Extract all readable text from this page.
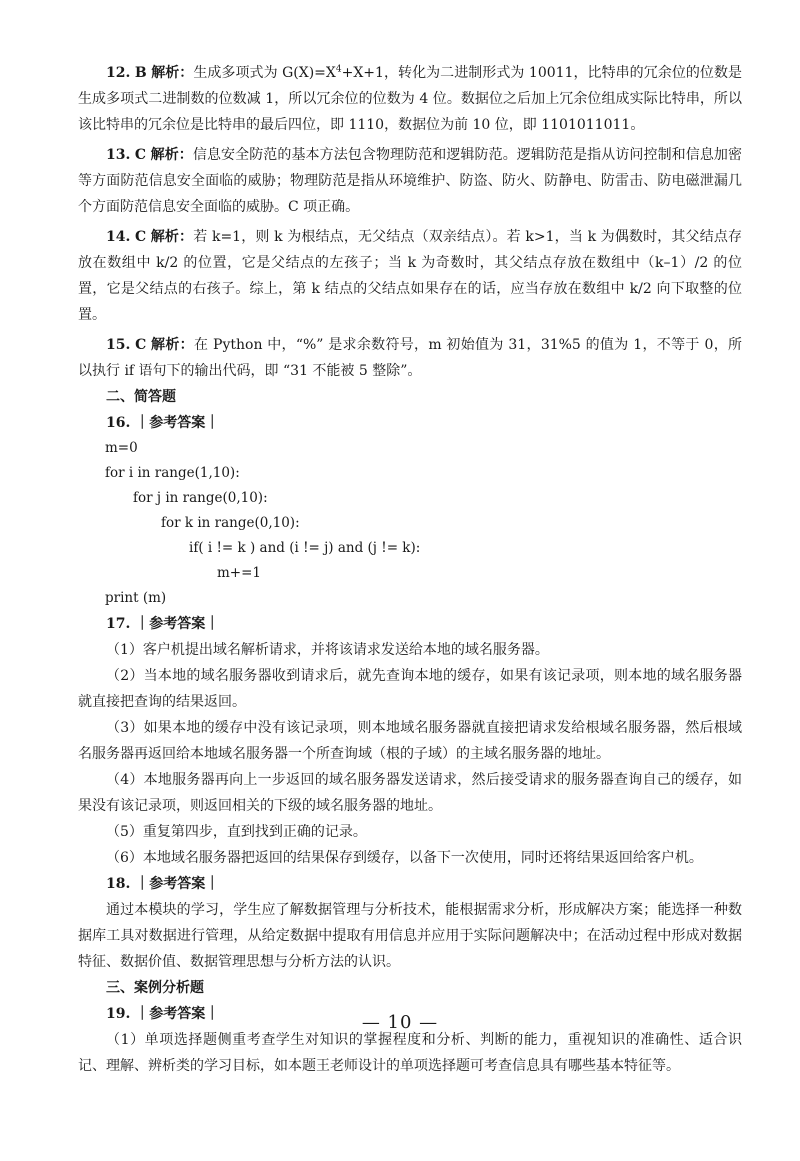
12. B 解析：生成多项式为 $G(X)=X^4+X+1$，转化为二进制形式为 10011，比特串的冗余位的位数是生成多项式二进制数的位数减 1，所以冗余位的位数为 4 位。数据位之后加上冗余位组成实际比特串，所以该比特串的冗余位是比特串的最后四位，即 1110，数据位为前 10 位，即 1101011011。

13. C 解析：信息安全防范的基本方法包含物理防范和逻辑防范。逻辑防范是指从访问控制和信息加密等方面防范信息安全面临的威胁；物理防范是指从环境维护、防盗、防火、防静电、防雷击、防电磁泄漏几个方面防范信息安全面临的威胁。C 项正确。

14. C 解析：若 k=1，则 k 为根结点，无父结点（双亲结点）。若 k>1，当 k 为偶数时，其父结点存放在数组中 k/2 的位置，它是父结点的左孩子；当 k 为奇数时，其父结点存放在数组中（k–1）/2 的位置，它是父结点的右孩子。综上，第 k 结点的父结点如果存在的话，应当存放在数组中 k/2 向下取整的位置。

15. C 解析：在 Python 中，“%” 是求余数符号，m 初始值为 31，31%5 的值为 1，不等于 0，所以执行 if 语句下的输出代码，即 “31 不能被 5 整除”。

二、简答题

16. ｜参考答案｜

m=0

for i in range(1,10):

for j in range(0,10):

for k in range(0,10):

if( i != k ) and (i != j) and (j != k):

m+=1

print (m)

17. ｜参考答案｜

（1）客户机提出域名解析请求，并将该请求发送给本地的域名服务器。

（2）当本地的域名服务器收到请求后，就先查询本地的缓存，如果有该记录项，则本地的域名服务器就直接把查询的结果返回。

（3）如果本地的缓存中没有该记录项，则本地域名服务器就直接把请求发给根域名服务器，然后根域名服务器再返回给本地域名服务器一个所查询域（根的子域）的主域名服务器的地址。

（4）本地服务器再向上一步返回的域名服务器发送请求，然后接受请求的服务器查询自己的缓存，如果没有该记录项，则返回相关的下级的域名服务器的地址。

（5）重复第四步，直到找到正确的记录。

（6）本地域名服务器把返回的结果保存到缓存，以备下一次使用，同时还将结果返回给客户机。

18. ｜参考答案｜

通过本模块的学习，学生应了解数据管理与分析技术，能根据需求分析，形成解决方案；能选择一种数据库工具对数据进行管理，从给定数据中提取有用信息并应用于实际问题解决中；在活动过程中形成对数据特征、数据价值、数据管理思想与分析方法的认识。

三、案例分析题

19. ｜参考答案｜

（1）单项选择题侧重考查学生对知识的掌握程度和分析、判断的能力，重视知识的准确性、适合识记、理解、辨析类的学习目标，如本题王老师设计的单项选择题可考查信息具有哪些基本特征等。

— 10 —
